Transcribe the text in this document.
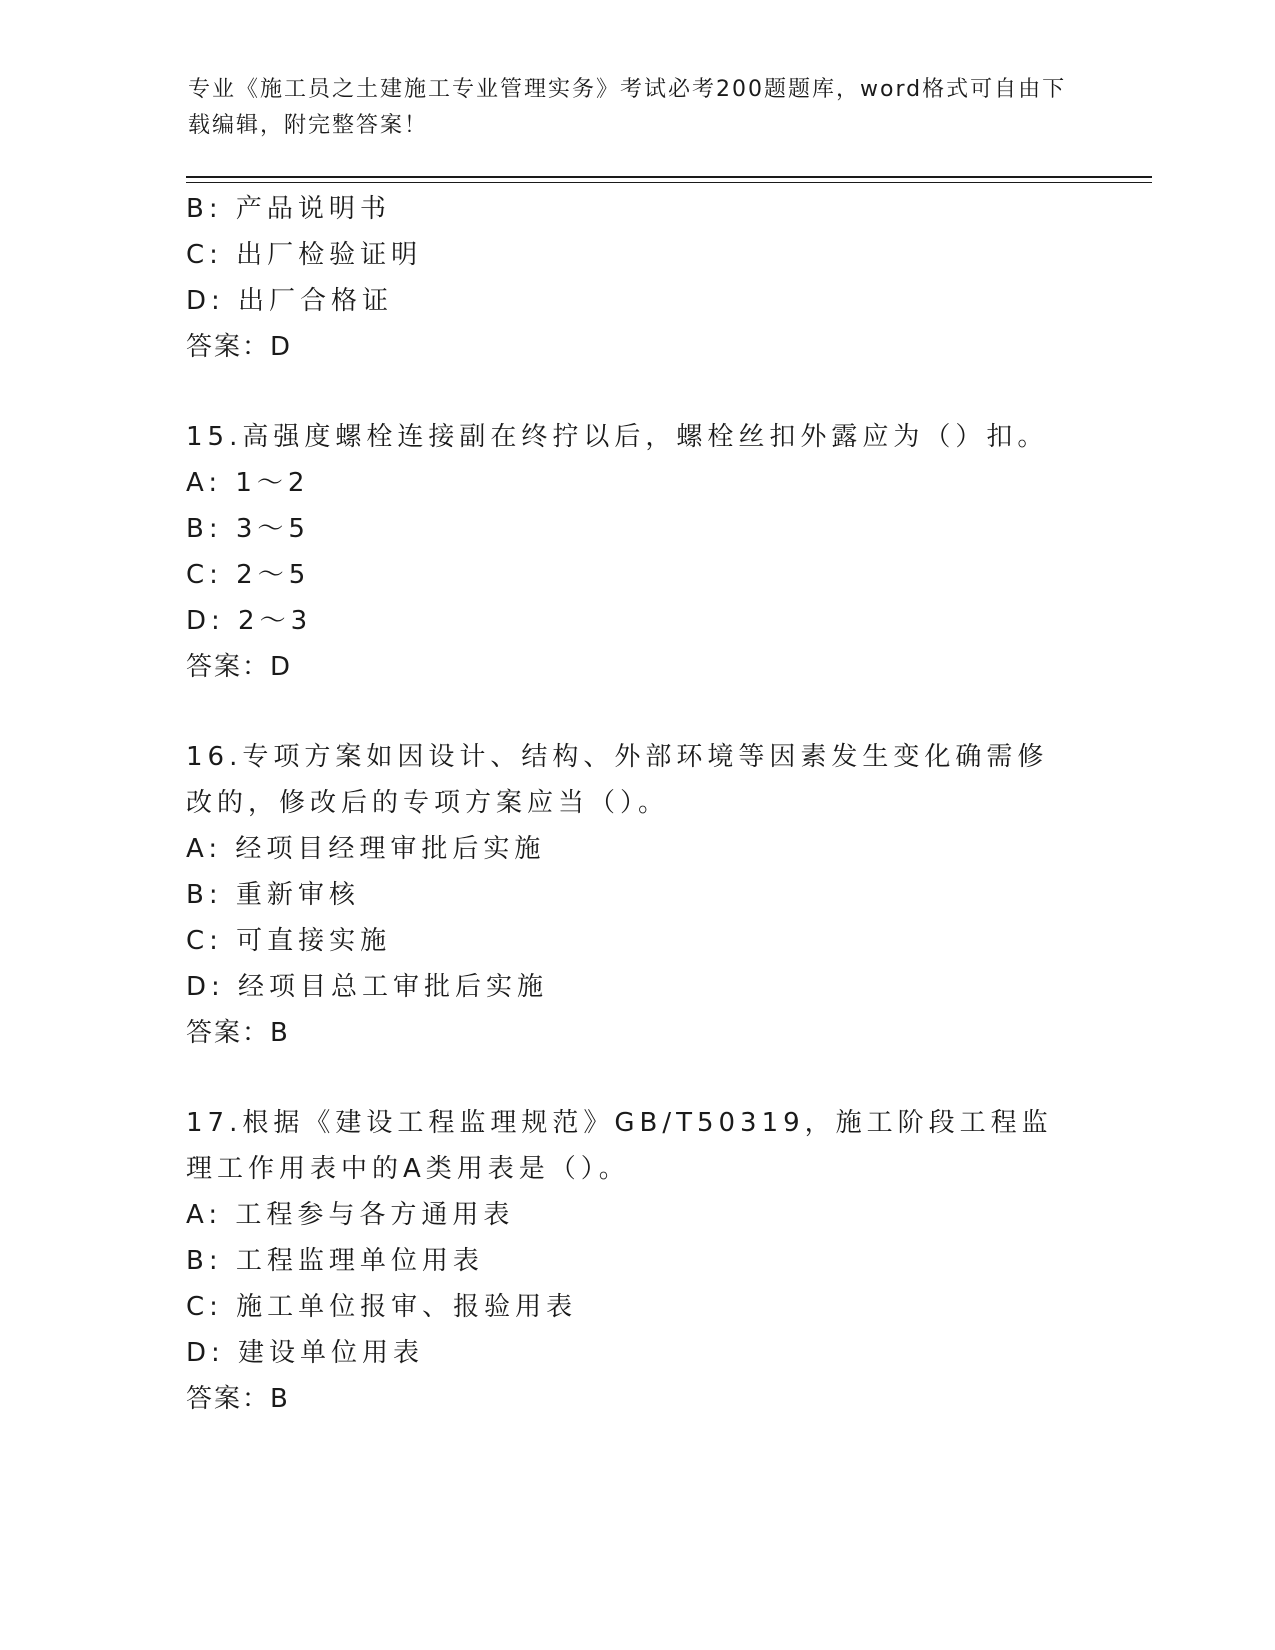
专业《施工员之土建施工专业管理实务》考试必考200题题库，word格式可自由下载编辑，附完整答案！
B: 产品说明书
C: 出厂检验证明
D: 出厂合格证
答案：D
15.高强度螺栓连接副在终拧以后，螺栓丝扣外露应为（）扣。
A: 1～2
B: 3～5
C: 2～5
D: 2～3
答案：D
16.专项方案如因设计、结构、外部环境等因素发生变化确需修改的，修改后的专项方案应当（）。
A: 经项目经理审批后实施
B: 重新审核
C: 可直接实施
D: 经项目总工审批后实施
答案：B
17.根据《建设工程监理规范》GB/T50319，施工阶段工程监理工作用表中的A类用表是（）。
A: 工程参与各方通用表
B: 工程监理单位用表
C: 施工单位报审、报验用表
D: 建设单位用表
答案：B
